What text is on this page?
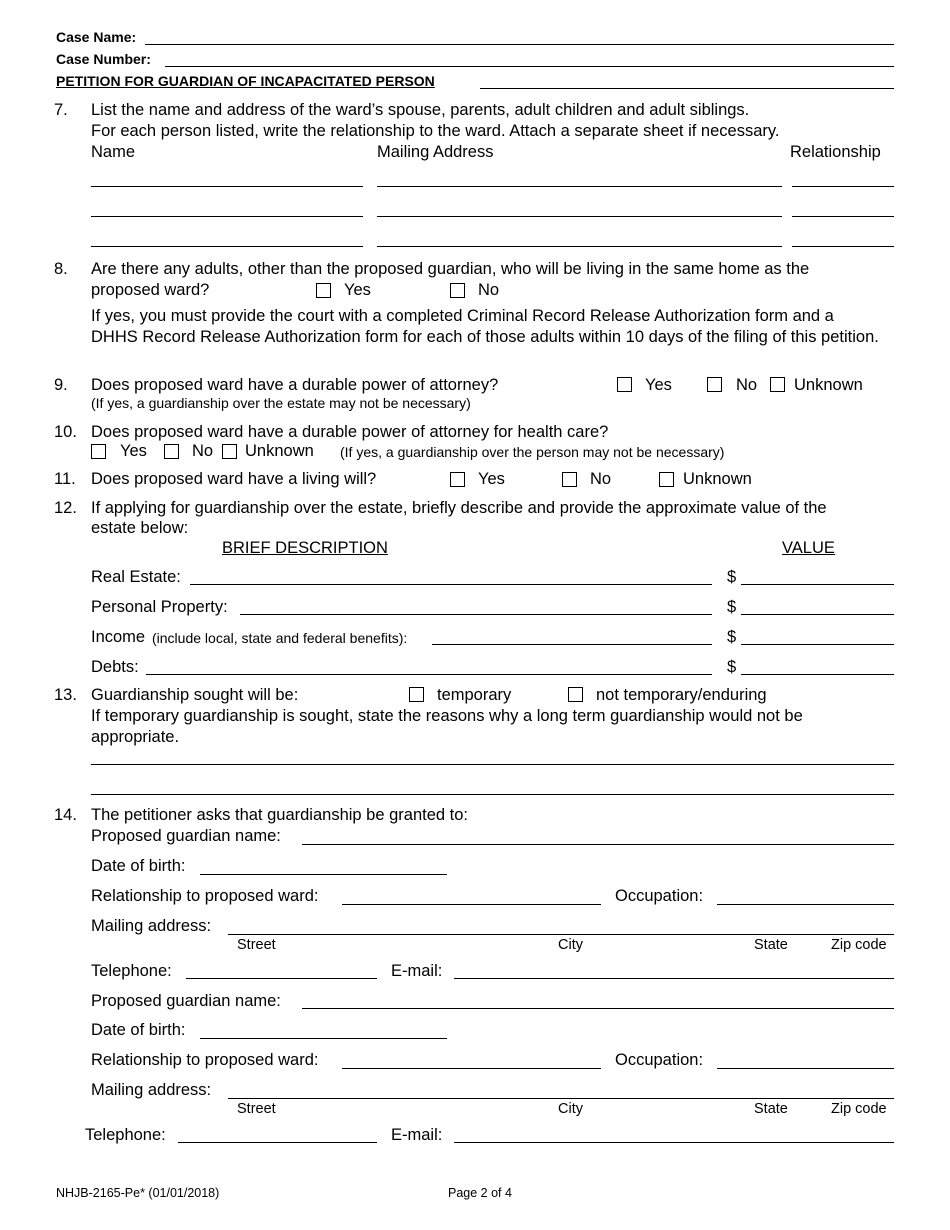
Case Name:
Case Number:
PETITION FOR GUARDIAN OF INCAPACITATED PERSON
7. List the name and address of the ward’s spouse, parents, adult children and adult siblings.
For each person listed, write the relationship to the ward. Attach a separate sheet if necessary.
Name	Mailing Address	Relationship
8. Are there any adults, other than the proposed guardian, who will be living in the same home as the
proposed ward?	Yes	No
If yes, you must provide the court with a completed Criminal Record Release Authorization form and a DHHS Record Release Authorization form for each of those adults within 10 days of the filing of this petition.
9. Does proposed ward have a durable power of attorney?
(If yes, a guardianship over the estate may not be necessary)
Yes	No Unknown
10. Does proposed ward have a durable power of attorney for health care?
Yes	No Unknown (If yes, a guardianship over the person may not be necessary)
11. Does proposed ward have a living will?	Yes	No	Unknown
12. If applying for guardianship over the estate, briefly describe and provide the approximate value of the
estate below:
BRIEF DESCRIPTION	VALUE
Real Estate:	$
Personal Property:	$
Income (include local, state and federal benefits):	$
Debts:	$
13. Guardianship sought will be:	temporary	not temporary/enduring
If temporary guardianship is sought, state the reasons why a long term guardianship would not be appropriate.
14. The petitioner asks that guardianship be granted to:
Proposed guardian name:
Date of birth:
Relationship to proposed ward:	Occupation:
Mailing address:
Street	City	State	Zip code
Telephone:	E-mail:
Proposed guardian name:
Date of birth:
Relationship to proposed ward:	Occupation:
Mailing address:
Street	City	State	Zip code
Telephone:	E-mail:
NHJB-2165-Pe* (01/01/2018)	Page 2 of 4
